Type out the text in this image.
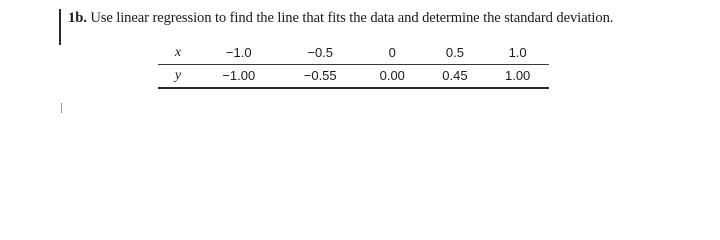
1b. Use linear regression to find the line that fits the data and determine the standard deviation.
x	−1.0	−0.5	0	0.5	1.0
y	−1.00	−0.55	0.00	0.45	1.00
